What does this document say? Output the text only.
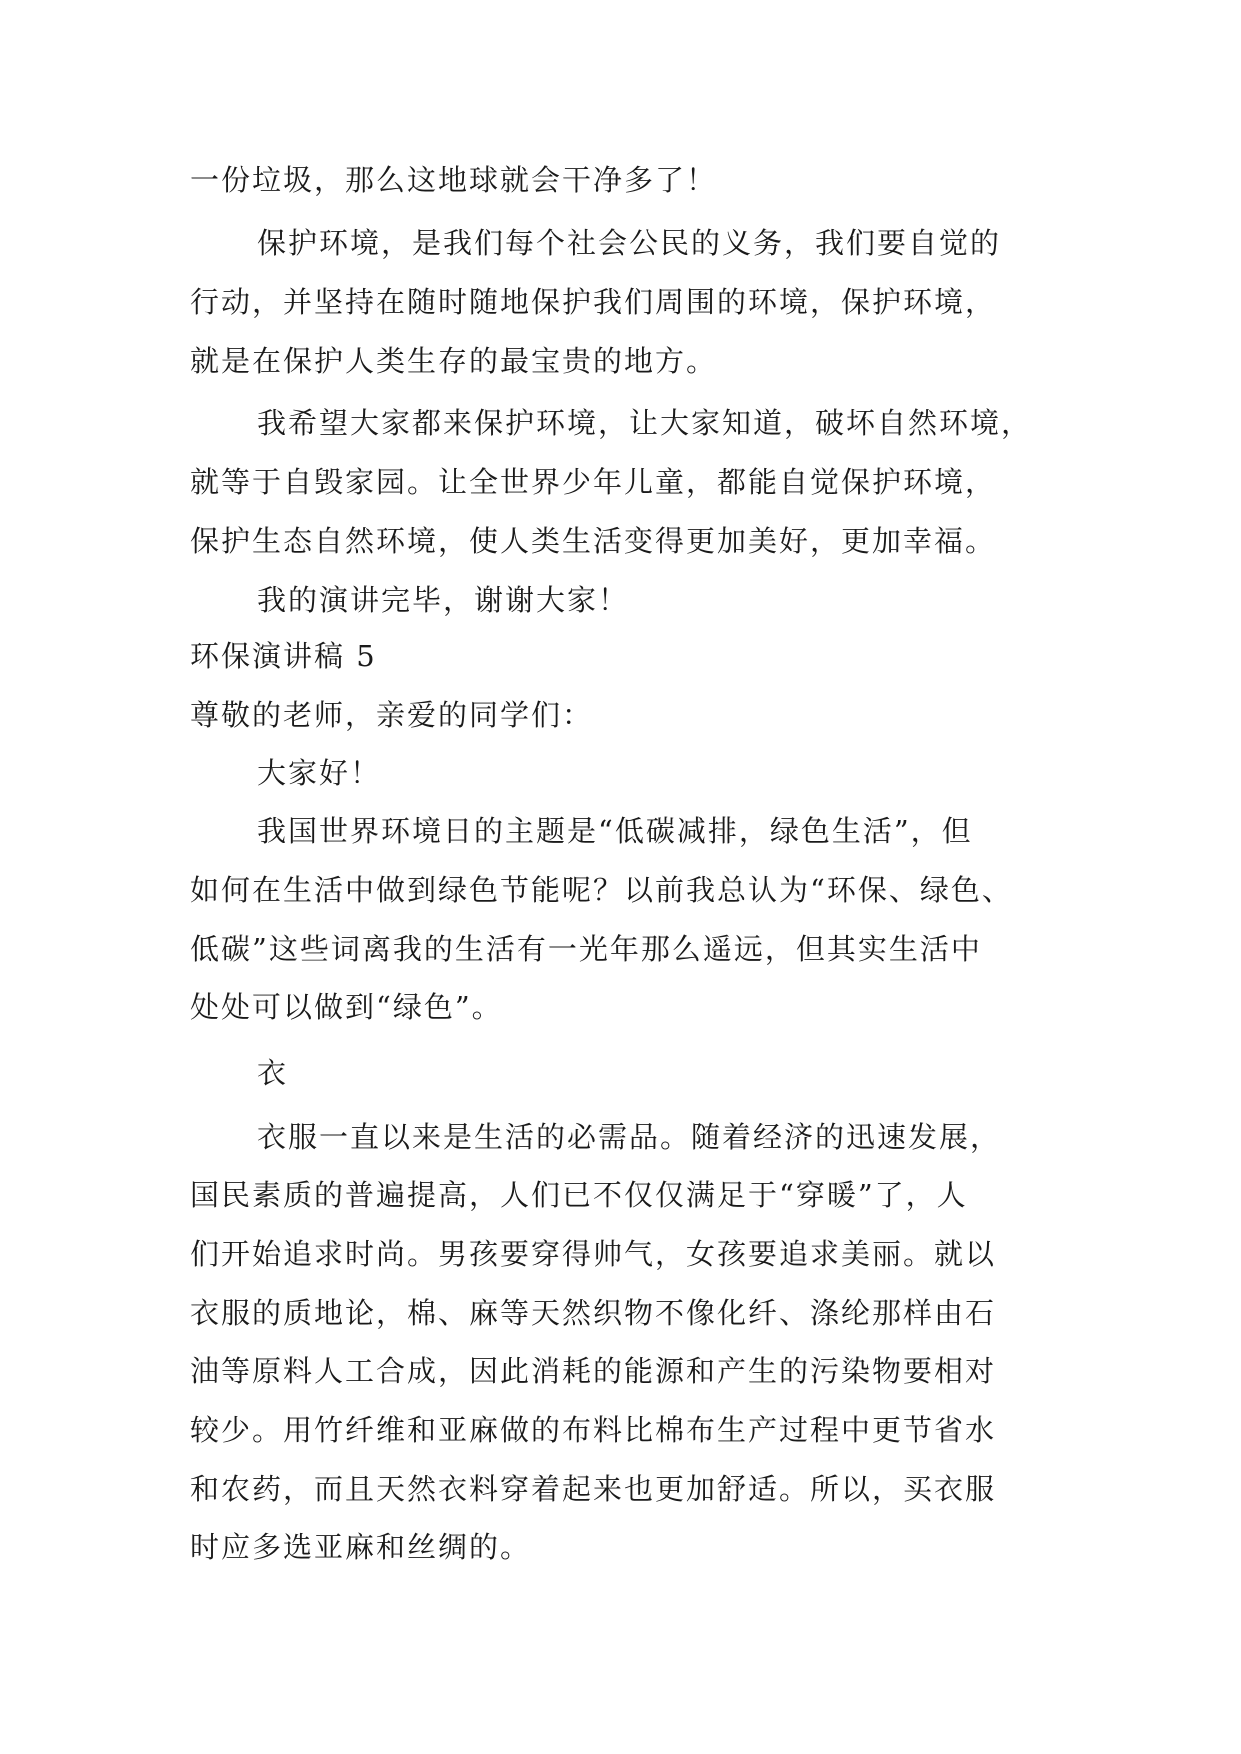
一份垃圾，那么这地球就会干净多了！
保护环境，是我们每个社会公民的义务，我们要自觉的
行动，并坚持在随时随地保护我们周围的环境，保护环境，
就是在保护人类生存的最宝贵的地方。
我希望大家都来保护环境，让大家知道，破坏自然环境，
就等于自毁家园。让全世界少年儿童，都能自觉保护环境，
保护生态自然环境，使人类生活变得更加美好，更加幸福。
我的演讲完毕，谢谢大家！
环保演讲稿 5
尊敬的老师，亲爱的同学们：
大家好！
我国世界环境日的主题是“低碳减排，绿色生活”，但
如何在生活中做到绿色节能呢？以前我总认为“环保、绿色、
低碳”这些词离我的生活有一光年那么遥远，但其实生活中
处处可以做到“绿色”。
衣
衣服一直以来是生活的必需品。随着经济的迅速发展，
国民素质的普遍提高，人们已不仅仅满足于“穿暖”了，人
们开始追求时尚。男孩要穿得帅气，女孩要追求美丽。就以
衣服的质地论，棉、麻等天然织物不像化纤、涤纶那样由石
油等原料人工合成，因此消耗的能源和产生的污染物要相对
较少。用竹纤维和亚麻做的布料比棉布生产过程中更节省水
和农药，而且天然衣料穿着起来也更加舒适。所以，买衣服
时应多选亚麻和丝绸的。
